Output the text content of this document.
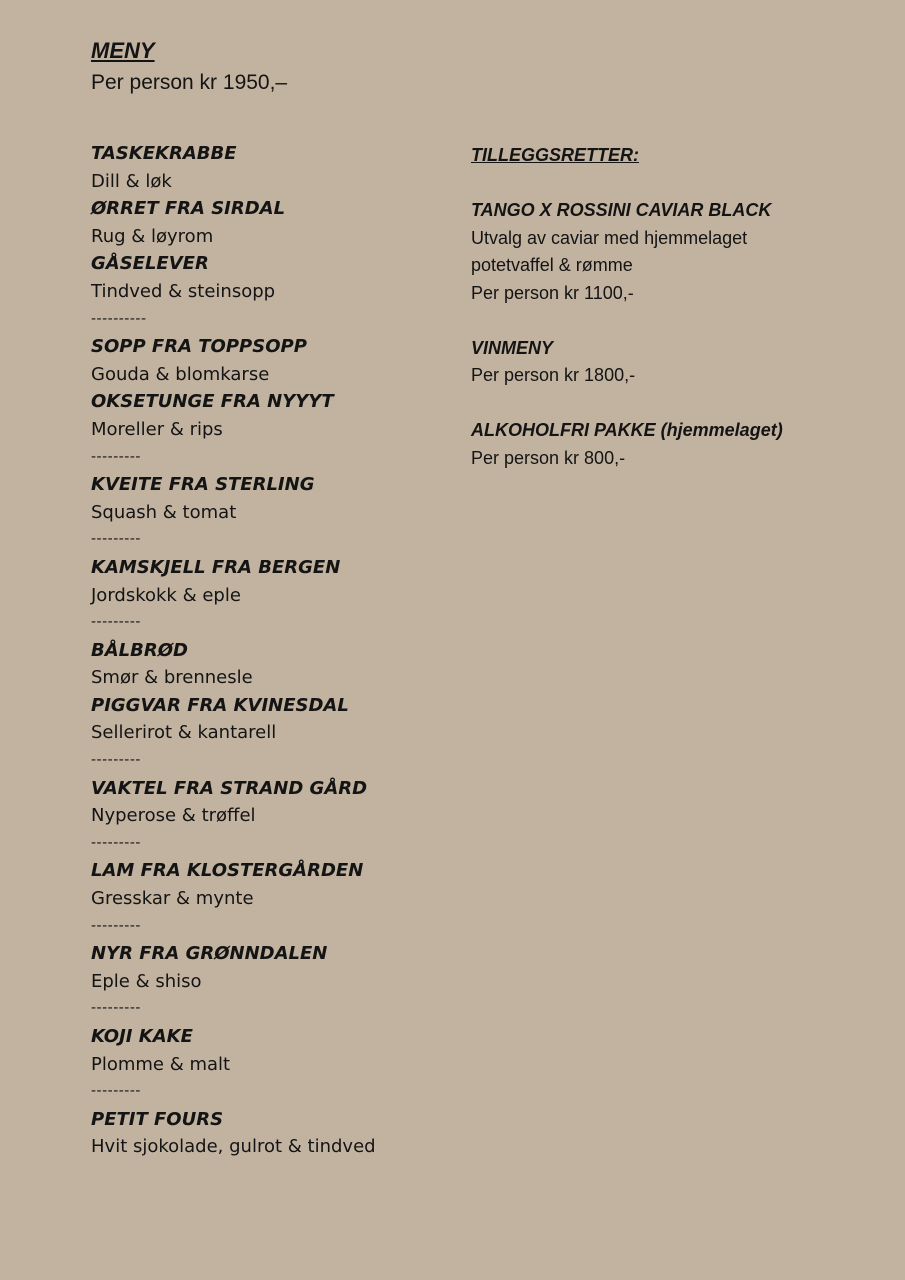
MENY
Per person kr 1950,–
TASKEKRABBE
Dill & løk
ØRRET FRA SIRDAL
Rug & løyrom
GÅSELEVER
Tindved & steinsopp
----------
SOPP FRA TOPPSOPP
Gouda & blomkarse
OKSETUNGE FRA NYYYT
Moreller & rips
---------
KVEITE FRA STERLING
Squash & tomat
---------
KAMSKJELL FRA BERGEN
Jordskokk & eple
---------
BÅLBRØD
Smør & brennesle
PIGGVAR FRA KVINESDAL
Sellerirot & kantarell
---------
VAKTEL FRA STRAND GÅRD
Nyperose & trøffel
---------
LAM FRA KLOSTERGÅRDEN
Gresskar & mynte
---------
NYR FRA GRØNNDALEN
Eple & shiso
---------
KOJI KAKE
Plomme & malt
---------
PETIT FOURS
Hvit sjokolade, gulrot & tindved
TILLEGGSRETTER:
TANGO X ROSSINI CAVIAR BLACK
Utvalg av caviar med hjemmelaget
potetvaffel & rømme
Per person kr 1100,-
VINMENY
Per person kr 1800,-
ALKOHOLFRI PAKKE (hjemmelaget)
Per person kr 800,-
